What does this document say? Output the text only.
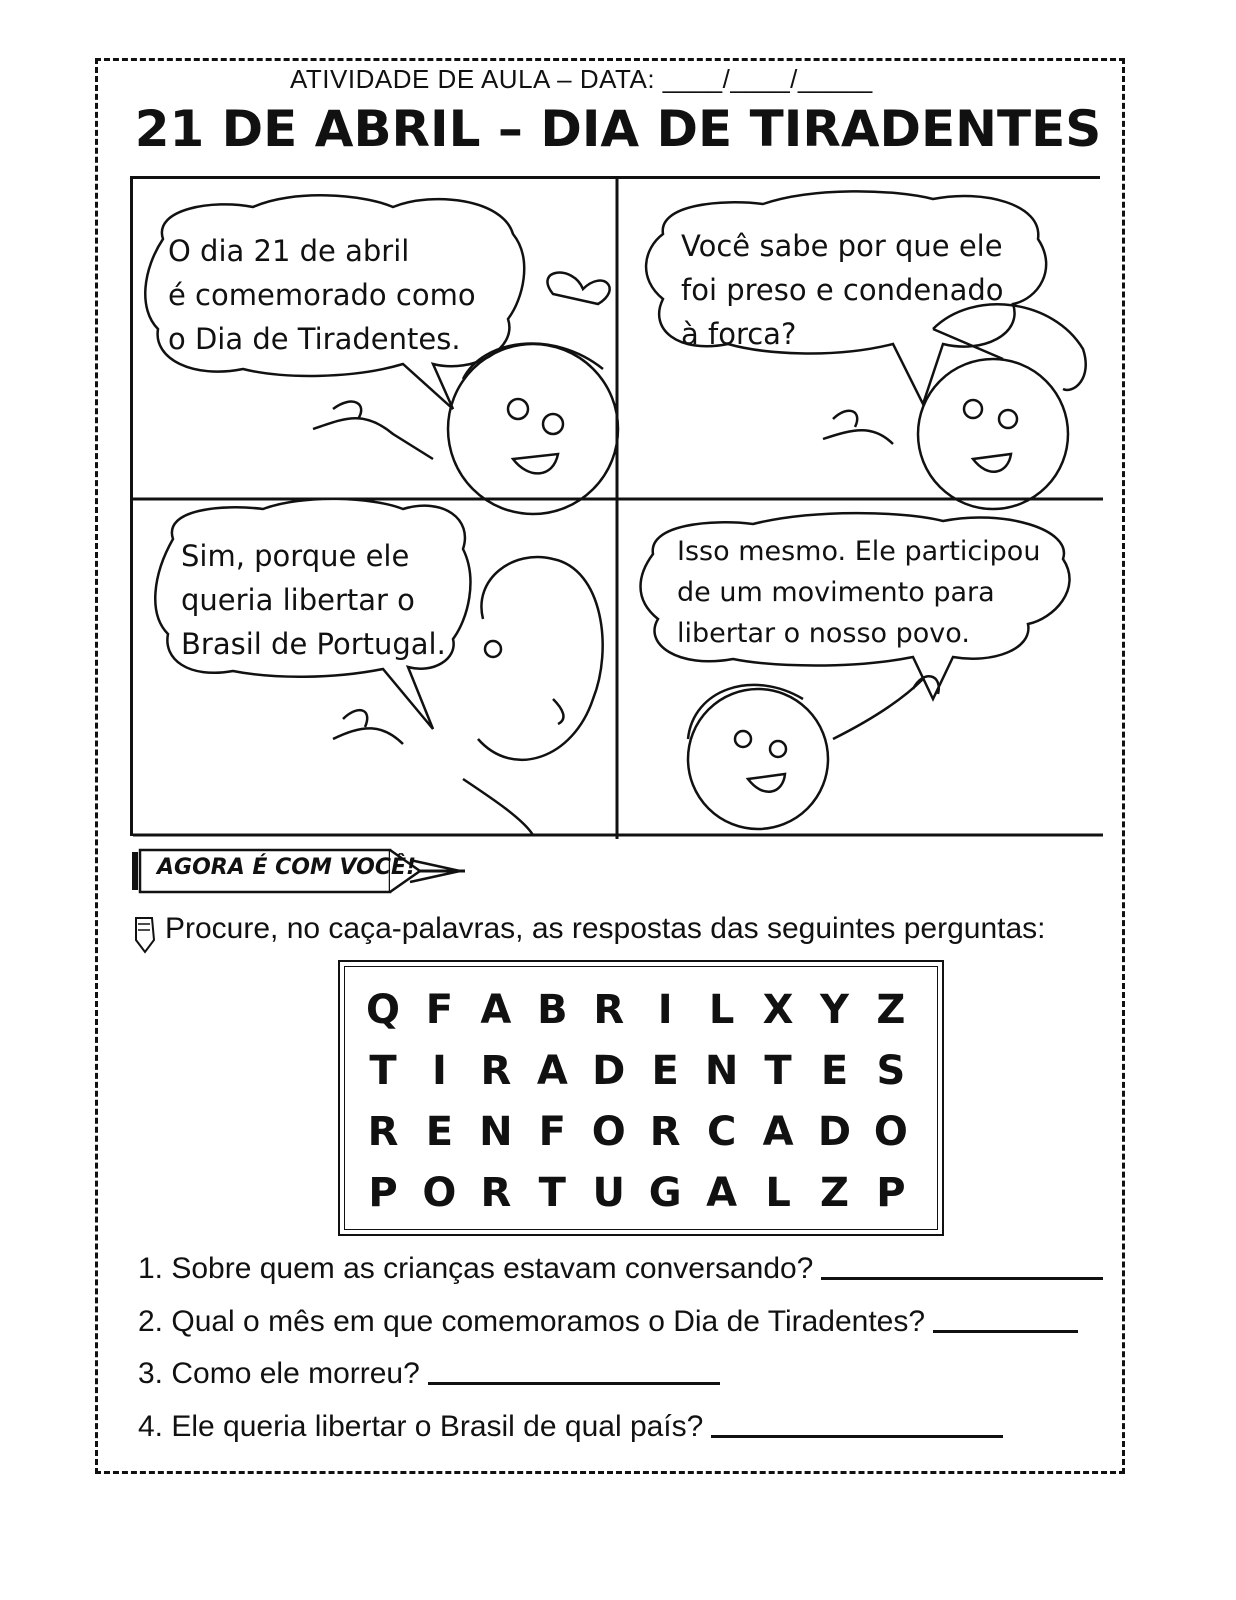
ATIVIDADE DE AULA – DATA: ____/____/_____
21 DE ABRIL – DIA DE TIRADENTES
O dia 21 de abril
é comemorado como
o Dia de Tiradentes.
Você sabe por que ele
foi preso e condenado
à forca?
Sim, porque ele
queria libertar o
Brasil de Portugal.
Isso mesmo. Ele participou
de um movimento para
libertar o nosso povo.
AGORA É COM VOCÊ!
Procure, no caça-palavras, as respostas das seguintes perguntas:
Q F A B R I L X Y Z
T I R A D E N T E S
R E N F O R C A D O
P O R T U G A L Z P
1. Sobre quem as crianças estavam conversando?
2. Qual o mês em que comemoramos o Dia de Tiradentes?
3. Como ele morreu?
4. Ele queria libertar o Brasil de qual país?
